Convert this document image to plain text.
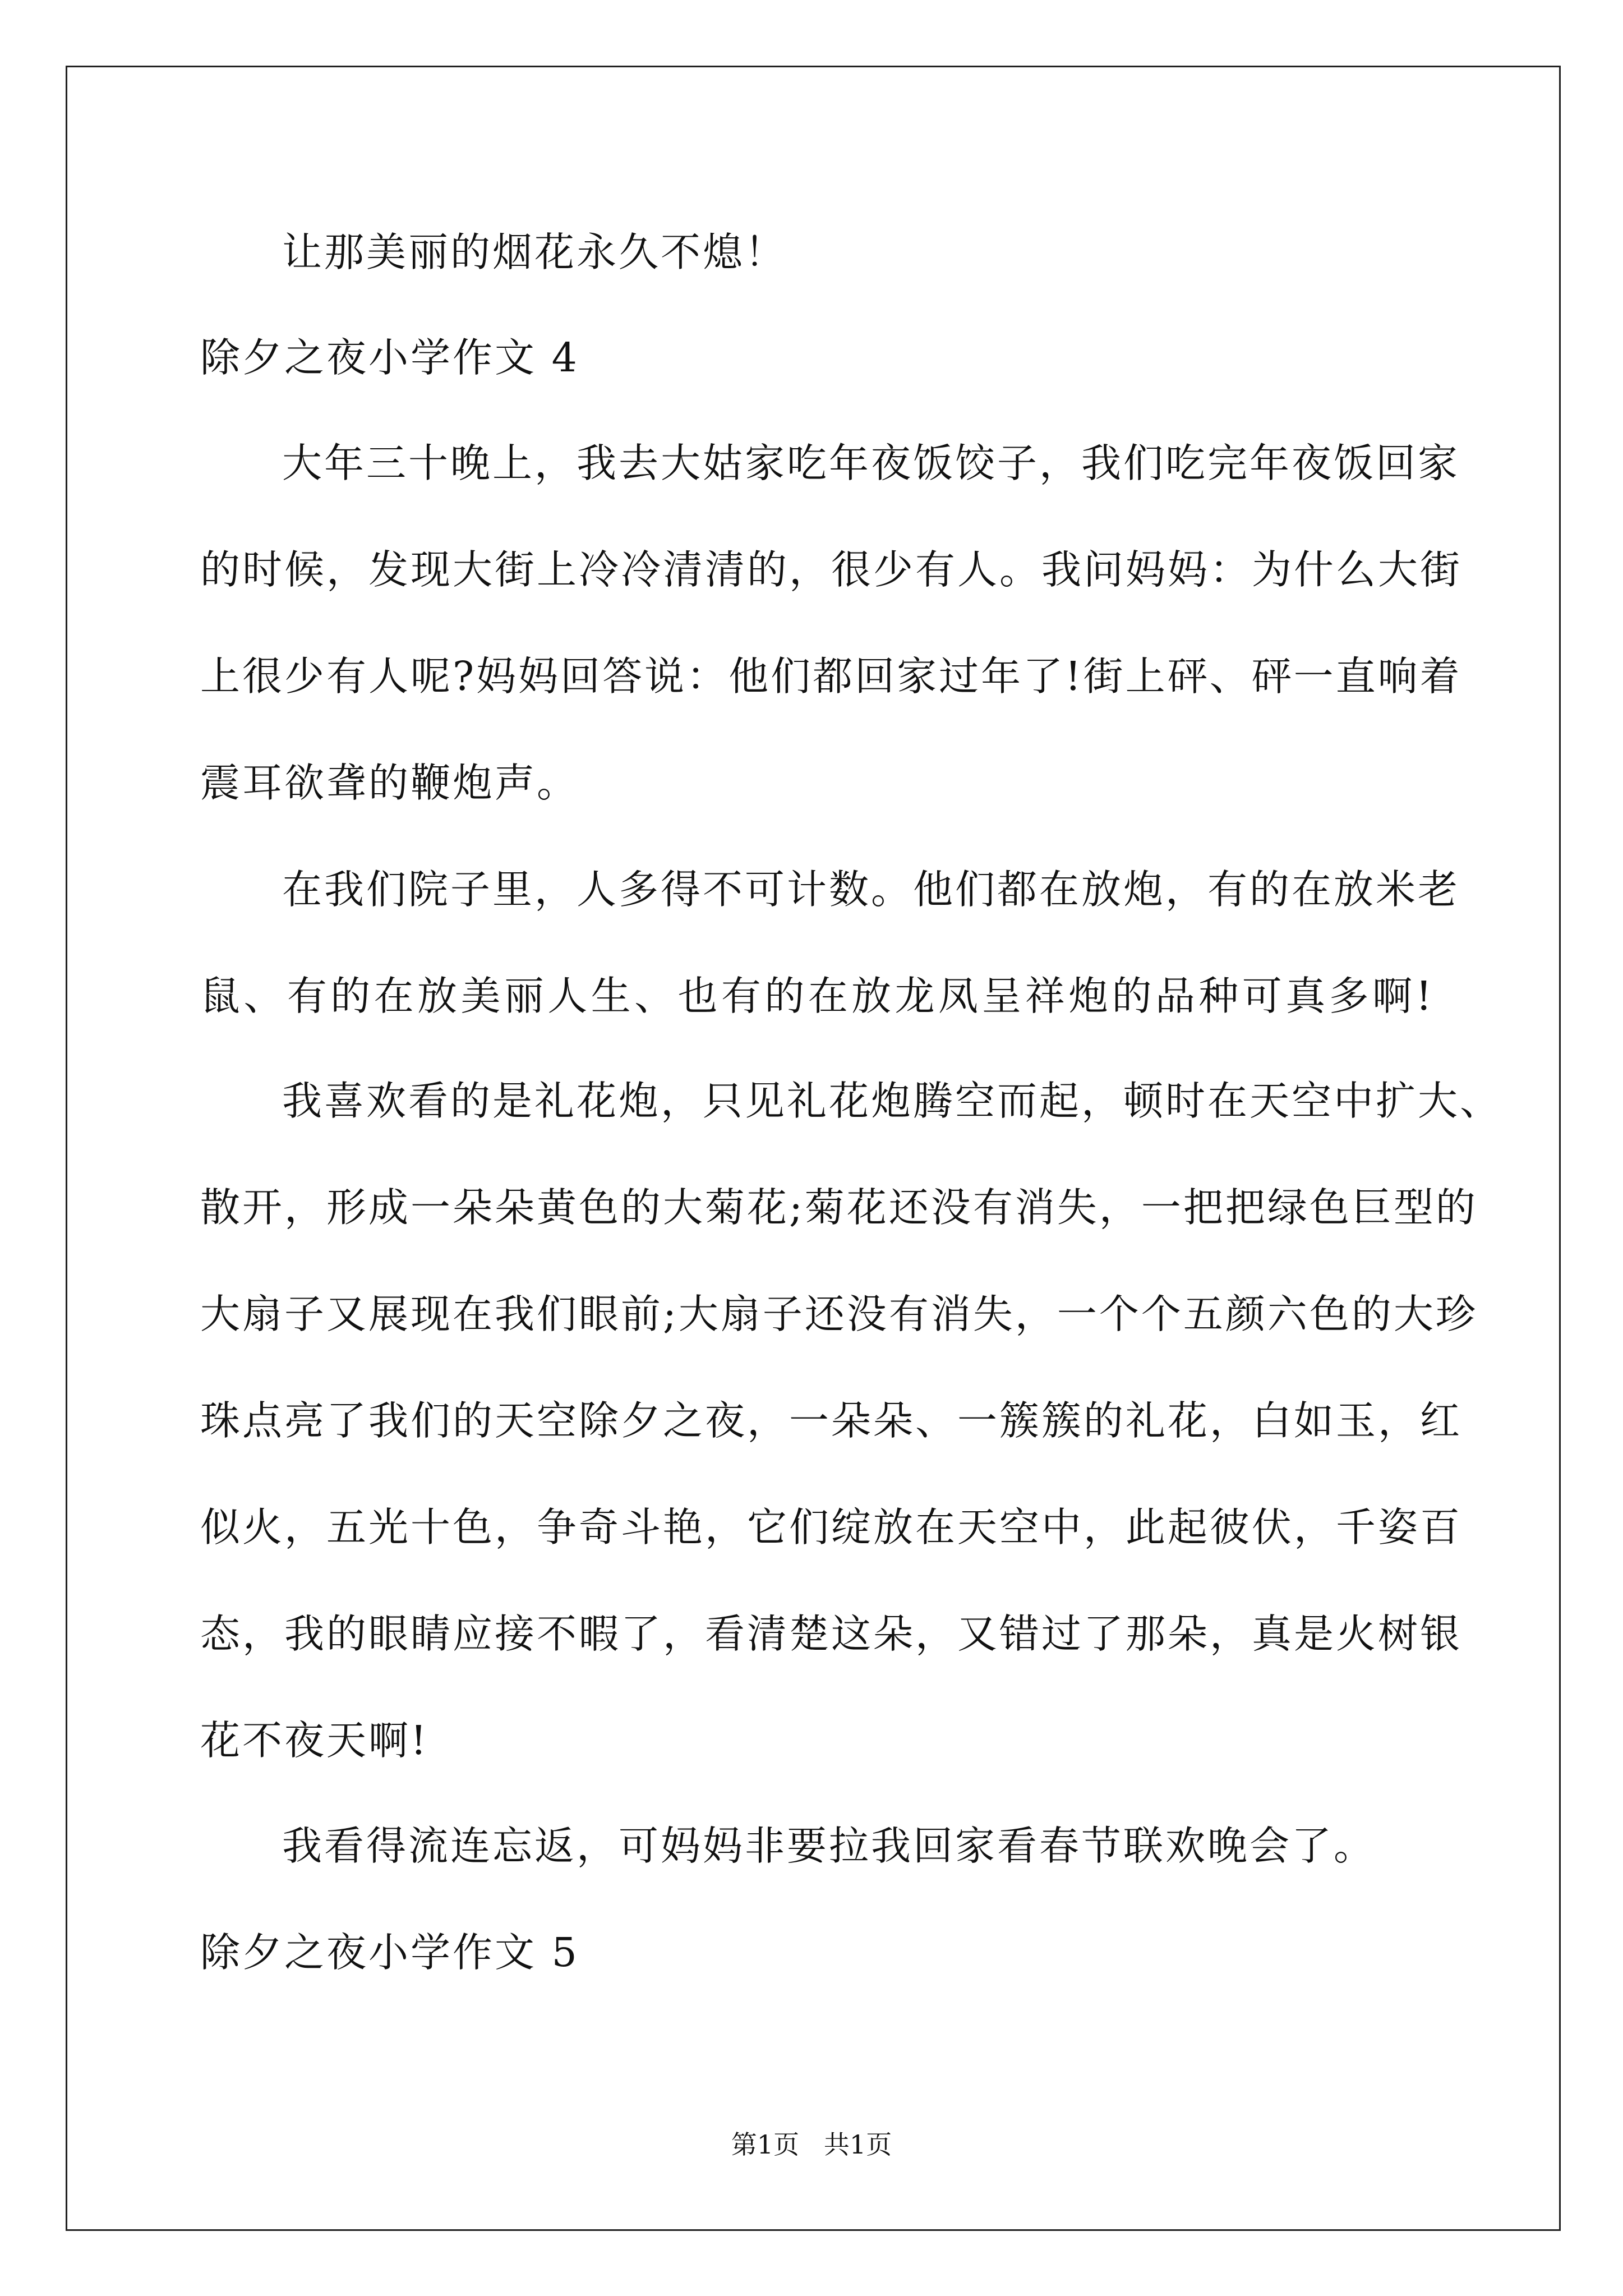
让那美丽的烟花永久不熄！
除夕之夜小学作文 4
大年三十晚上，我去大姑家吃年夜饭饺子，我们吃完年夜饭回家
的时候，发现大街上冷冷清清的，很少有人。我问妈妈：为什么大街
上很少有人呢?妈妈回答说：他们都回家过年了!街上砰、砰一直响着
震耳欲聋的鞭炮声。
在我们院子里，人多得不可计数。他们都在放炮，有的在放米老
鼠、有的在放美丽人生、也有的在放龙凤呈祥炮的品种可真多啊!
我喜欢看的是礼花炮，只见礼花炮腾空而起，顿时在天空中扩大、
散开，形成一朵朵黄色的大菊花;菊花还没有消失，一把把绿色巨型的
大扇子又展现在我们眼前;大扇子还没有消失，一个个五颜六色的大珍
珠点亮了我们的天空除夕之夜，一朵朵、一簇簇的礼花，白如玉，红
似火，五光十色，争奇斗艳，它们绽放在天空中，此起彼伏，千姿百
态，我的眼睛应接不暇了，看清楚这朵，又错过了那朵，真是火树银
花不夜天啊!
我看得流连忘返，可妈妈非要拉我回家看春节联欢晚会了。
除夕之夜小学作文 5
第1页   共1页
